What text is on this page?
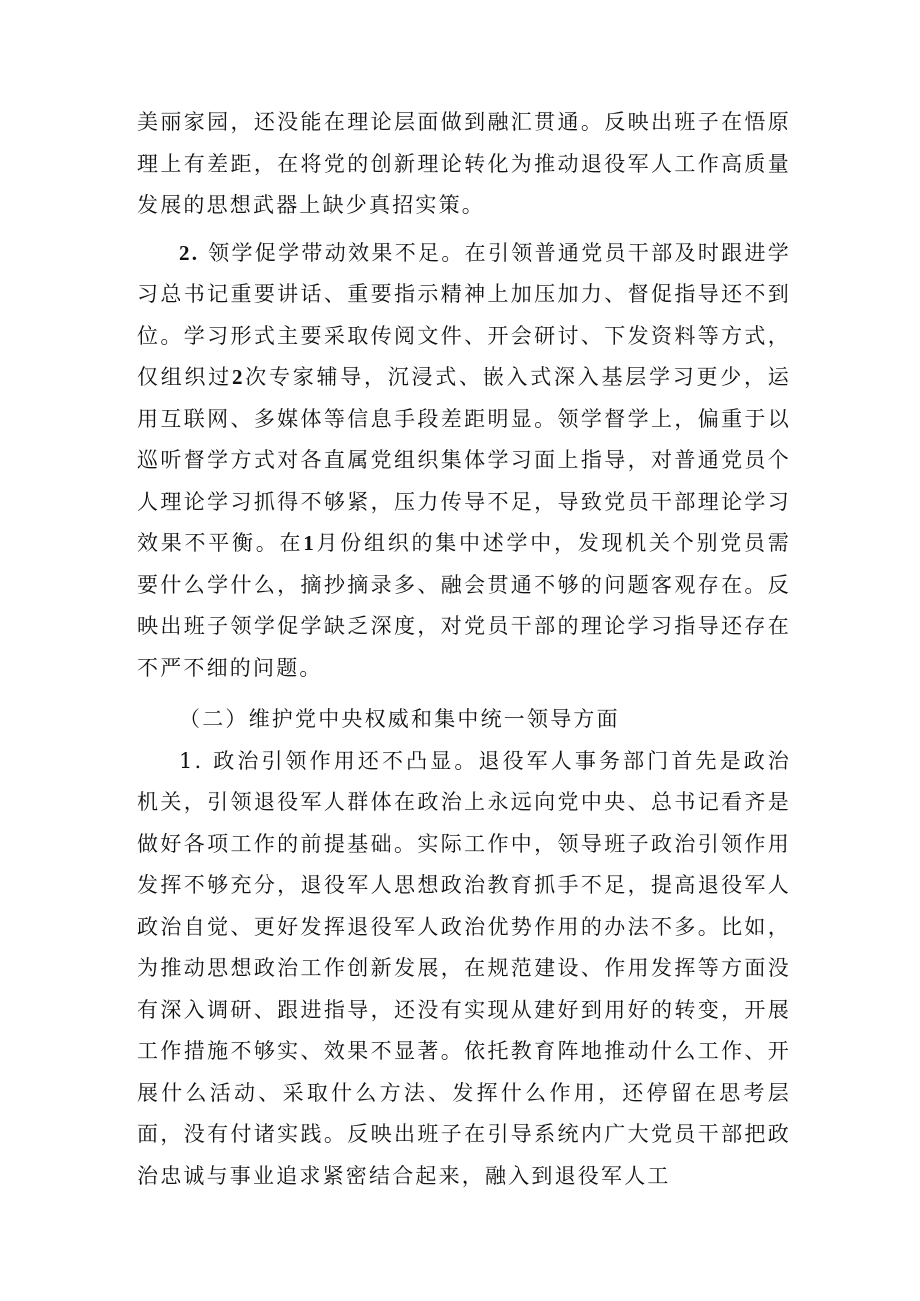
美丽家园，还没能在理论层面做到融汇贯通。反映出班子在悟原理上有差距，在将党的创新理论转化为推动退役军人工作高质量发展的思想武器上缺少真招实策。

2. 领学促学带动效果不足。在引领普通党员干部及时跟进学习总书记重要讲话、重要指示精神上加压加力、督促指导还不到位。学习形式主要采取传阅文件、开会研讨、下发资料等方式，仅组织过2次专家辅导，沉浸式、嵌入式深入基层学习更少，运用互联网、多媒体等信息手段差距明显。领学督学上，偏重于以巡听督学方式对各直属党组织集体学习面上指导，对普通党员个人理论学习抓得不够紧，压力传导不足，导致党员干部理论学习效果不平衡。在1月份组织的集中述学中，发现机关个别党员需要什么学什么，摘抄摘录多、融会贯通不够的问题客观存在。反映出班子领学促学缺乏深度，对党员干部的理论学习指导还存在不严不细的问题。

（二）维护党中央权威和集中统一领导方面

1. 政治引领作用还不凸显。退役军人事务部门首先是政治机关，引领退役军人群体在政治上永远向党中央、总书记看齐是做好各项工作的前提基础。实际工作中，领导班子政治引领作用发挥不够充分，退役军人思想政治教育抓手不足，提高退役军人政治自觉、更好发挥退役军人政治优势作用的办法不多。比如，为推动思想政治工作创新发展，在规范建设、作用发挥等方面没有深入调研、跟进指导，还没有实现从建好到用好的转变，开展工作措施不够实、效果不显著。依托教育阵地推动什么工作、开展什么活动、采取什么方法、发挥什么作用，还停留在思考层面，没有付诸实践。反映出班子在引导系统内广大党员干部把政治忠诚与事业追求紧密结合起来，融入到退役军人工
